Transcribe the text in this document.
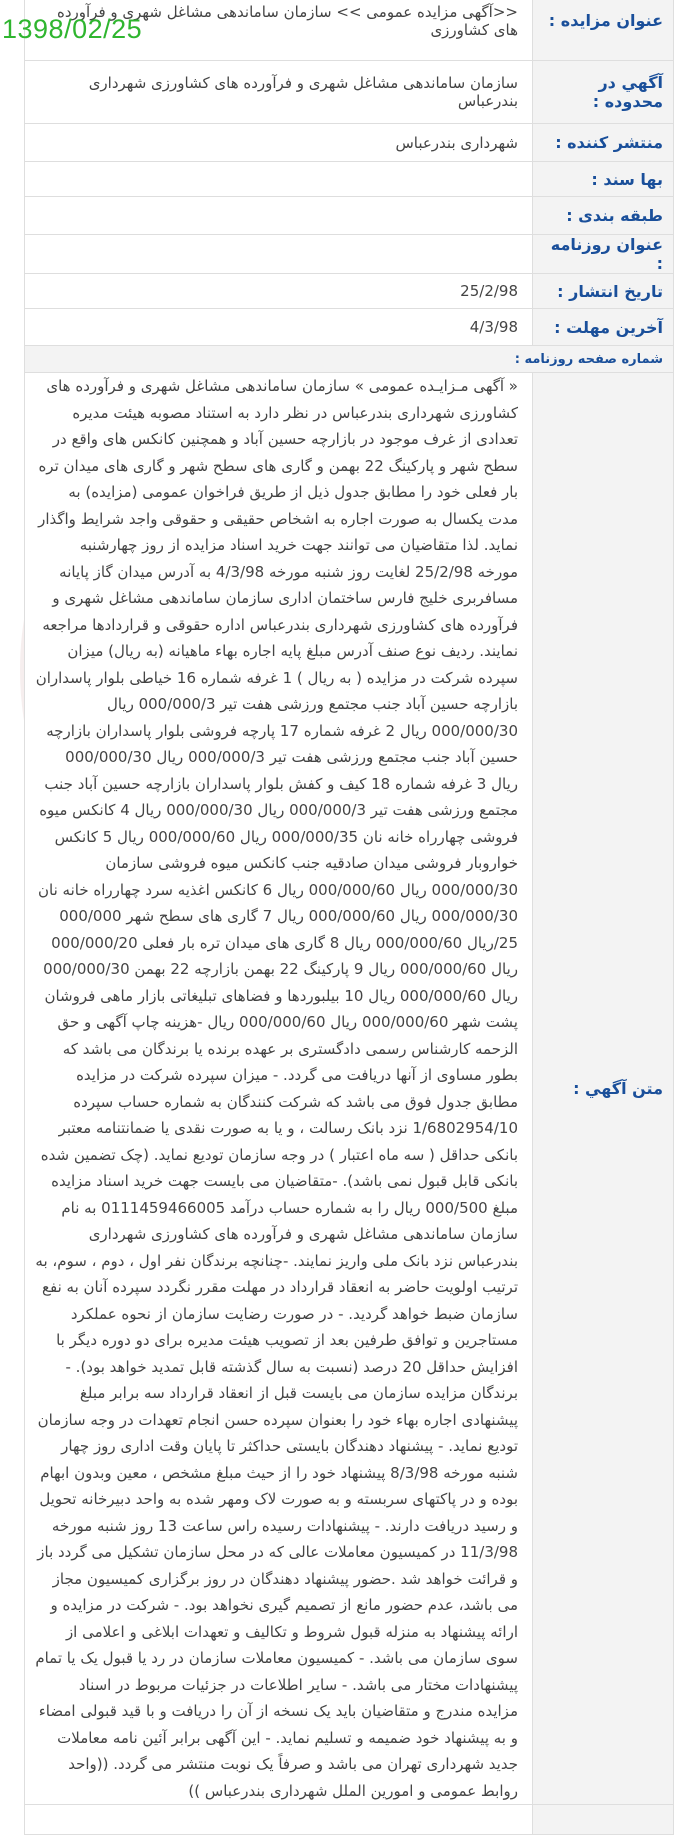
1398/02/25	عنوان مزايده :	<<آگهی مزایده عمومی >> سازمان ساماندهی مشاغل شهری و فرآورده های کشاورزی
آگهي در محدوده :	سازمان ساماندهی مشاغل شهری و فرآورده های کشاورزی شهرداری بندرعباس
منتشر کننده :	شهرداری بندرعباس
بها سند :	
طبقه بندی :	
عنوان روزنامه :	
تاريخ انتشار :	25/2/98
آخرين مهلت :	4/3/98
شماره صفحه روزنامه :	
متن آگهي :	« آگهی مـزایـده عمومی » سازمان ساماندهی مشاغل شهری و فرآورده های کشاورزی شهرداری بندرعباس در نظر دارد به استناد مصوبه هیئت مدیره تعدادی از غرف موجود در بازارچه حسین آباد و همچنین کانکس های واقع در سطح شهر و پارکینگ 22 بهمن و گاری های سطح شهر و گاری های میدان تره بار فعلی خود را مطابق جدول ذیل از طریق فراخوان عمومی (مزایده) به مدت یکسال به صورت اجاره به اشخاص حقیقی و حقوقی واجد شرایط واگذار نماید. لذا متقاضیان می توانند جهت خرید اسناد مزایده از روز چهارشنبه مورخه 25/2/98 لغایت روز شنبه مورخه 4/3/98 به آدرس میدان گاز پایانه مسافربری خلیج فارس ساختمان اداری سازمان ساماندهی مشاغل شهری و فرآورده های کشاورزی شهرداری بندرعباس اداره حقوقی و قراردادها مراجعه نمایند. ردیف نوع صنف آدرس مبلغ پایه اجاره بهاء ماهیانه (به ریال) میزان سپرده شرکت در مزایده ( به ریال ) 1 غرفه شماره 16 خیاطی بلوار پاسداران بازارچه حسین آباد جنب مجتمع ورزشی هفت تیر 000/000/3 ریال 000/000/30 ریال 2 غرفه شماره 17 پارچه فروشی بلوار پاسداران بازارچه حسین آباد جنب مجتمع ورزشی هفت تیر 000/000/3 ریال 000/000/30 ریال 3 غرفه شماره 18 کیف و کفش بلوار پاسداران بازارچه حسین آباد جنب مجتمع ورزشی هفت تیر 000/000/3 ریال 000/000/30 ریال 4 کانکس میوه فروشی چهارراه خانه نان 000/000/35 ریال 000/000/60 ریال 5 کانکس خواروبار فروشی میدان صادقیه جنب کانکس میوه فروشی سازمان 000/000/30 ریال 000/000/60 ریال 6 کانکس اغذیه سرد چهارراه خانه نان 000/000/30 ریال 000/000/60 ریال 7 گاری های سطح شهر 000/000 25/ریال 000/000/60 ریال 8 گاری های میدان تره بار فعلی 000/000/20 ریال 000/000/60 ریال 9 پارکینگ 22 بهمن بازارچه 22 بهمن 000/000/30 ریال 000/000/60 ریال 10 بیلبوردها و فضاهای تبلیغاتی بازار ماهی فروشان پشت شهر 000/000/60 ریال 000/000/60 ریال -هزینه چاپ آگهی و حق الزحمه کارشناس رسمی دادگستری بر عهده برنده یا برندگان می باشد که بطور مساوی از آنها دریافت می گردد. - میزان سپرده شرکت در مزایده مطابق جدول فوق می باشد که شرکت کنندگان به شماره حساب سپرده 1/6802954/10 نزد بانک رسالت ، و یا به صورت نقدی یا ضمانتنامه معتبر بانکی حداقل ( سه ماه اعتبار ) در وجه سازمان تودیع نماید. (چک تضمین شده بانکی قابل قبول نمی باشد). -متقاضیان می بایست جهت خرید اسناد مزایده مبلغ 000/500 ریال را به شماره حساب درآمد 0111459466005 به نام سازمان ساماندهی مشاغل شهری و فرآورده های کشاورزی شهرداری بندرعباس نزد بانک ملی واریز نمایند. -چنانچه برندگان نفر اول ، دوم ، سوم، به ترتیب اولویت حاضر به انعقاد قرارداد در مهلت مقرر نگردد سپرده آنان به نفع سازمان ضبط خواهد گردید. - در صورت رضایت سازمان از نحوه عملکرد مستاجرین و توافق طرفین بعد از تصویب هیئت مدیره برای دو دوره دیگر با افزایش حداقل 20 درصد (نسبت به سال گذشته قابل تمدید خواهد بود). - برندگان مزایده سازمان می بایست قبل از انعقاد قرارداد سه برابر مبلغ پیشنهادی اجاره بهاء خود را بعنوان سپرده حسن انجام تعهدات در وجه سازمان تودیع نماید. - پیشنهاد دهندگان بایستی حداکثر تا پایان وقت اداری روز چهار شنبه مورخه 8/3/98 پیشنهاد خود را از حیث مبلغ مشخص ، معین وبدون ابهام بوده و در پاکتهای سربسته و به صورت لاک ومهر شده به واحد دبیرخانه تحویل و رسید دریافت دارند. - پیشنهادات رسیده راس ساعت 13 روز شنبه مورخه 11/3/98 در کمیسیون معاملات عالی که در محل سازمان تشکیل می گردد باز و قرائت خواهد شد .حضور پیشنهاد دهندگان در روز برگزاری کمیسیون مجاز می باشد، عدم حضور مانع از تصمیم گیری نخواهد بود. - شرکت در مزایده و ارائه پیشنهاد به منزله قبول شروط و تکالیف و تعهدات ابلاغی و اعلامی از سوی سازمان می باشد. - کمیسیون معاملات سازمان در رد یا قبول یک یا تمام پیشنهادات مختار می باشد. - سایر اطلاعات در جزئیات مربوط در اسناد مزایده مندرج و متقاضیان باید یک نسخه از آن را دریافت و با قید قبولی امضاء و به پیشنهاد خود ضمیمه و تسلیم نماید. - این آگهی برابر آئین نامه معاملات جدید شهرداری تهران می باشد و صرفاً یک نوبت منتشر می گردد. ((واحد روابط عمومی و امورین الملل شهرداری بندرعباس ))
